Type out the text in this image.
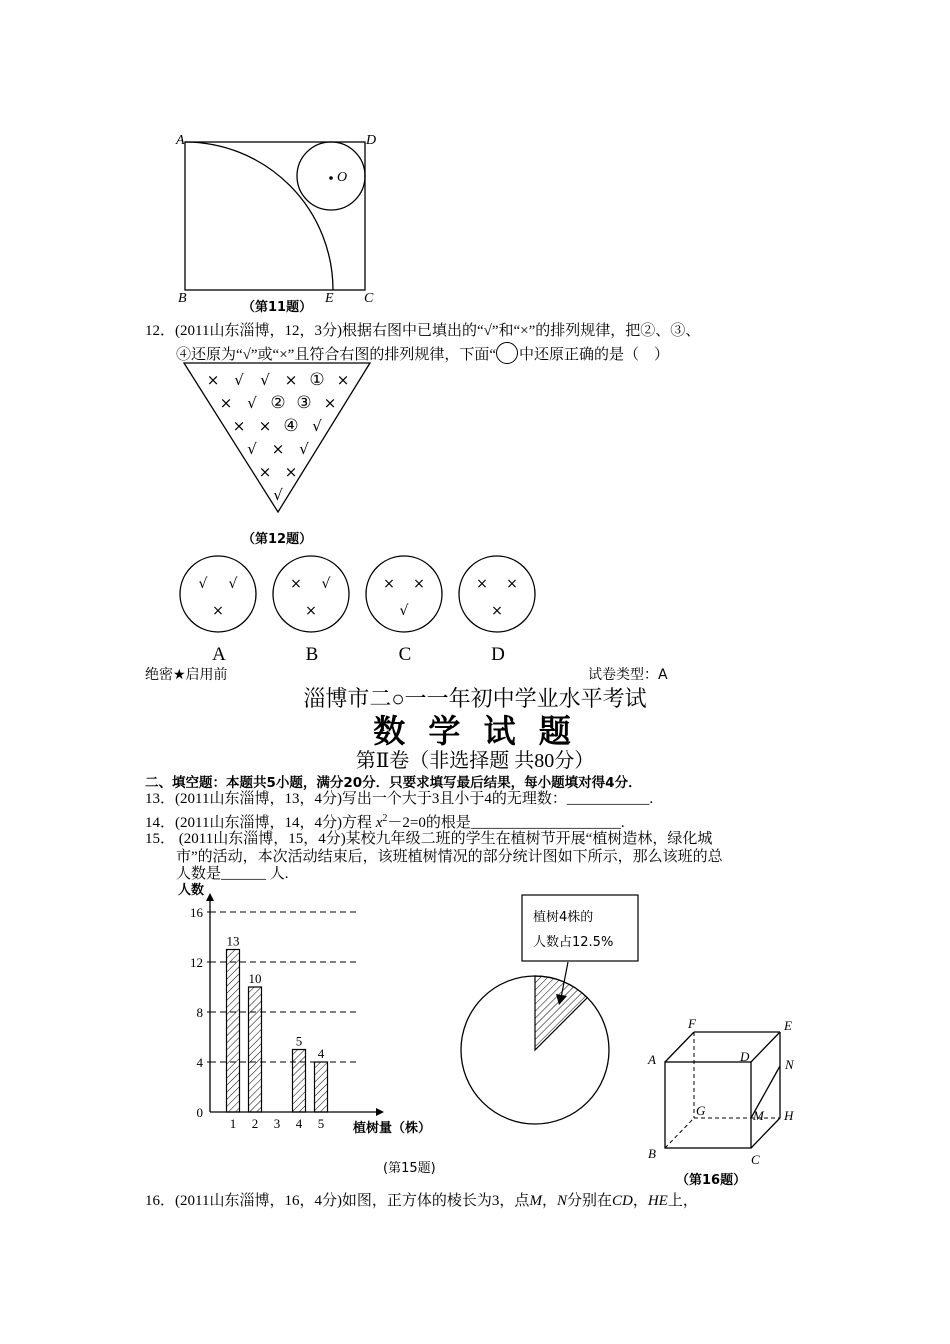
A	D
O
B	E C
（第11题）
12．(2011山东淄博，12，3分)根据右图中已填出的“√”和“×”的排列规律，把②、③、
④还原为“√”或“×”且符合右图的排列规律，下面“ 中还原正确的是（　）
× √ √ × ① ×
× √ ② ③ ×
× × ④ √
√ × √
× ×
√
（第12题）
√ √
×
A
× √
×
B
× ×
√
C
× ×
×
D
绝密★启用前	试卷类型：A
淄博市二○一一年初中学业水平考试
数 学 试 题
第Ⅱ卷（非选择题 共80分）
二、填空题：本题共5小题，满分20分．只要求填写最后结果，每小题填对得4分．
13．(2011山东淄博，13，4分)写出一个大于3且小于4的无理数：___________.
14．(2011山东淄博，14，4分)方程 $x^2-2=0$的根是____________________.
15． (2011山东淄博，15，4分)某校九年级二班的学生在植树节开展“植树造林，绿化城
市”的活动，本次活动结束后，该班植树情况的部分统计图如下所示，那么该班的总
人数是______ 人.
0
4
8
12
16
1 2 3 4 5
13
10
5
4
人数
植树量（株）
(第15题)
植树4株的
人数占12.5%
F	E
A	D
N
G	M H
B	C
（第16题）
16．(2011山东淄博，16，4分)如图，正方体的棱长为3，点M，N分别在CD，HE上，
